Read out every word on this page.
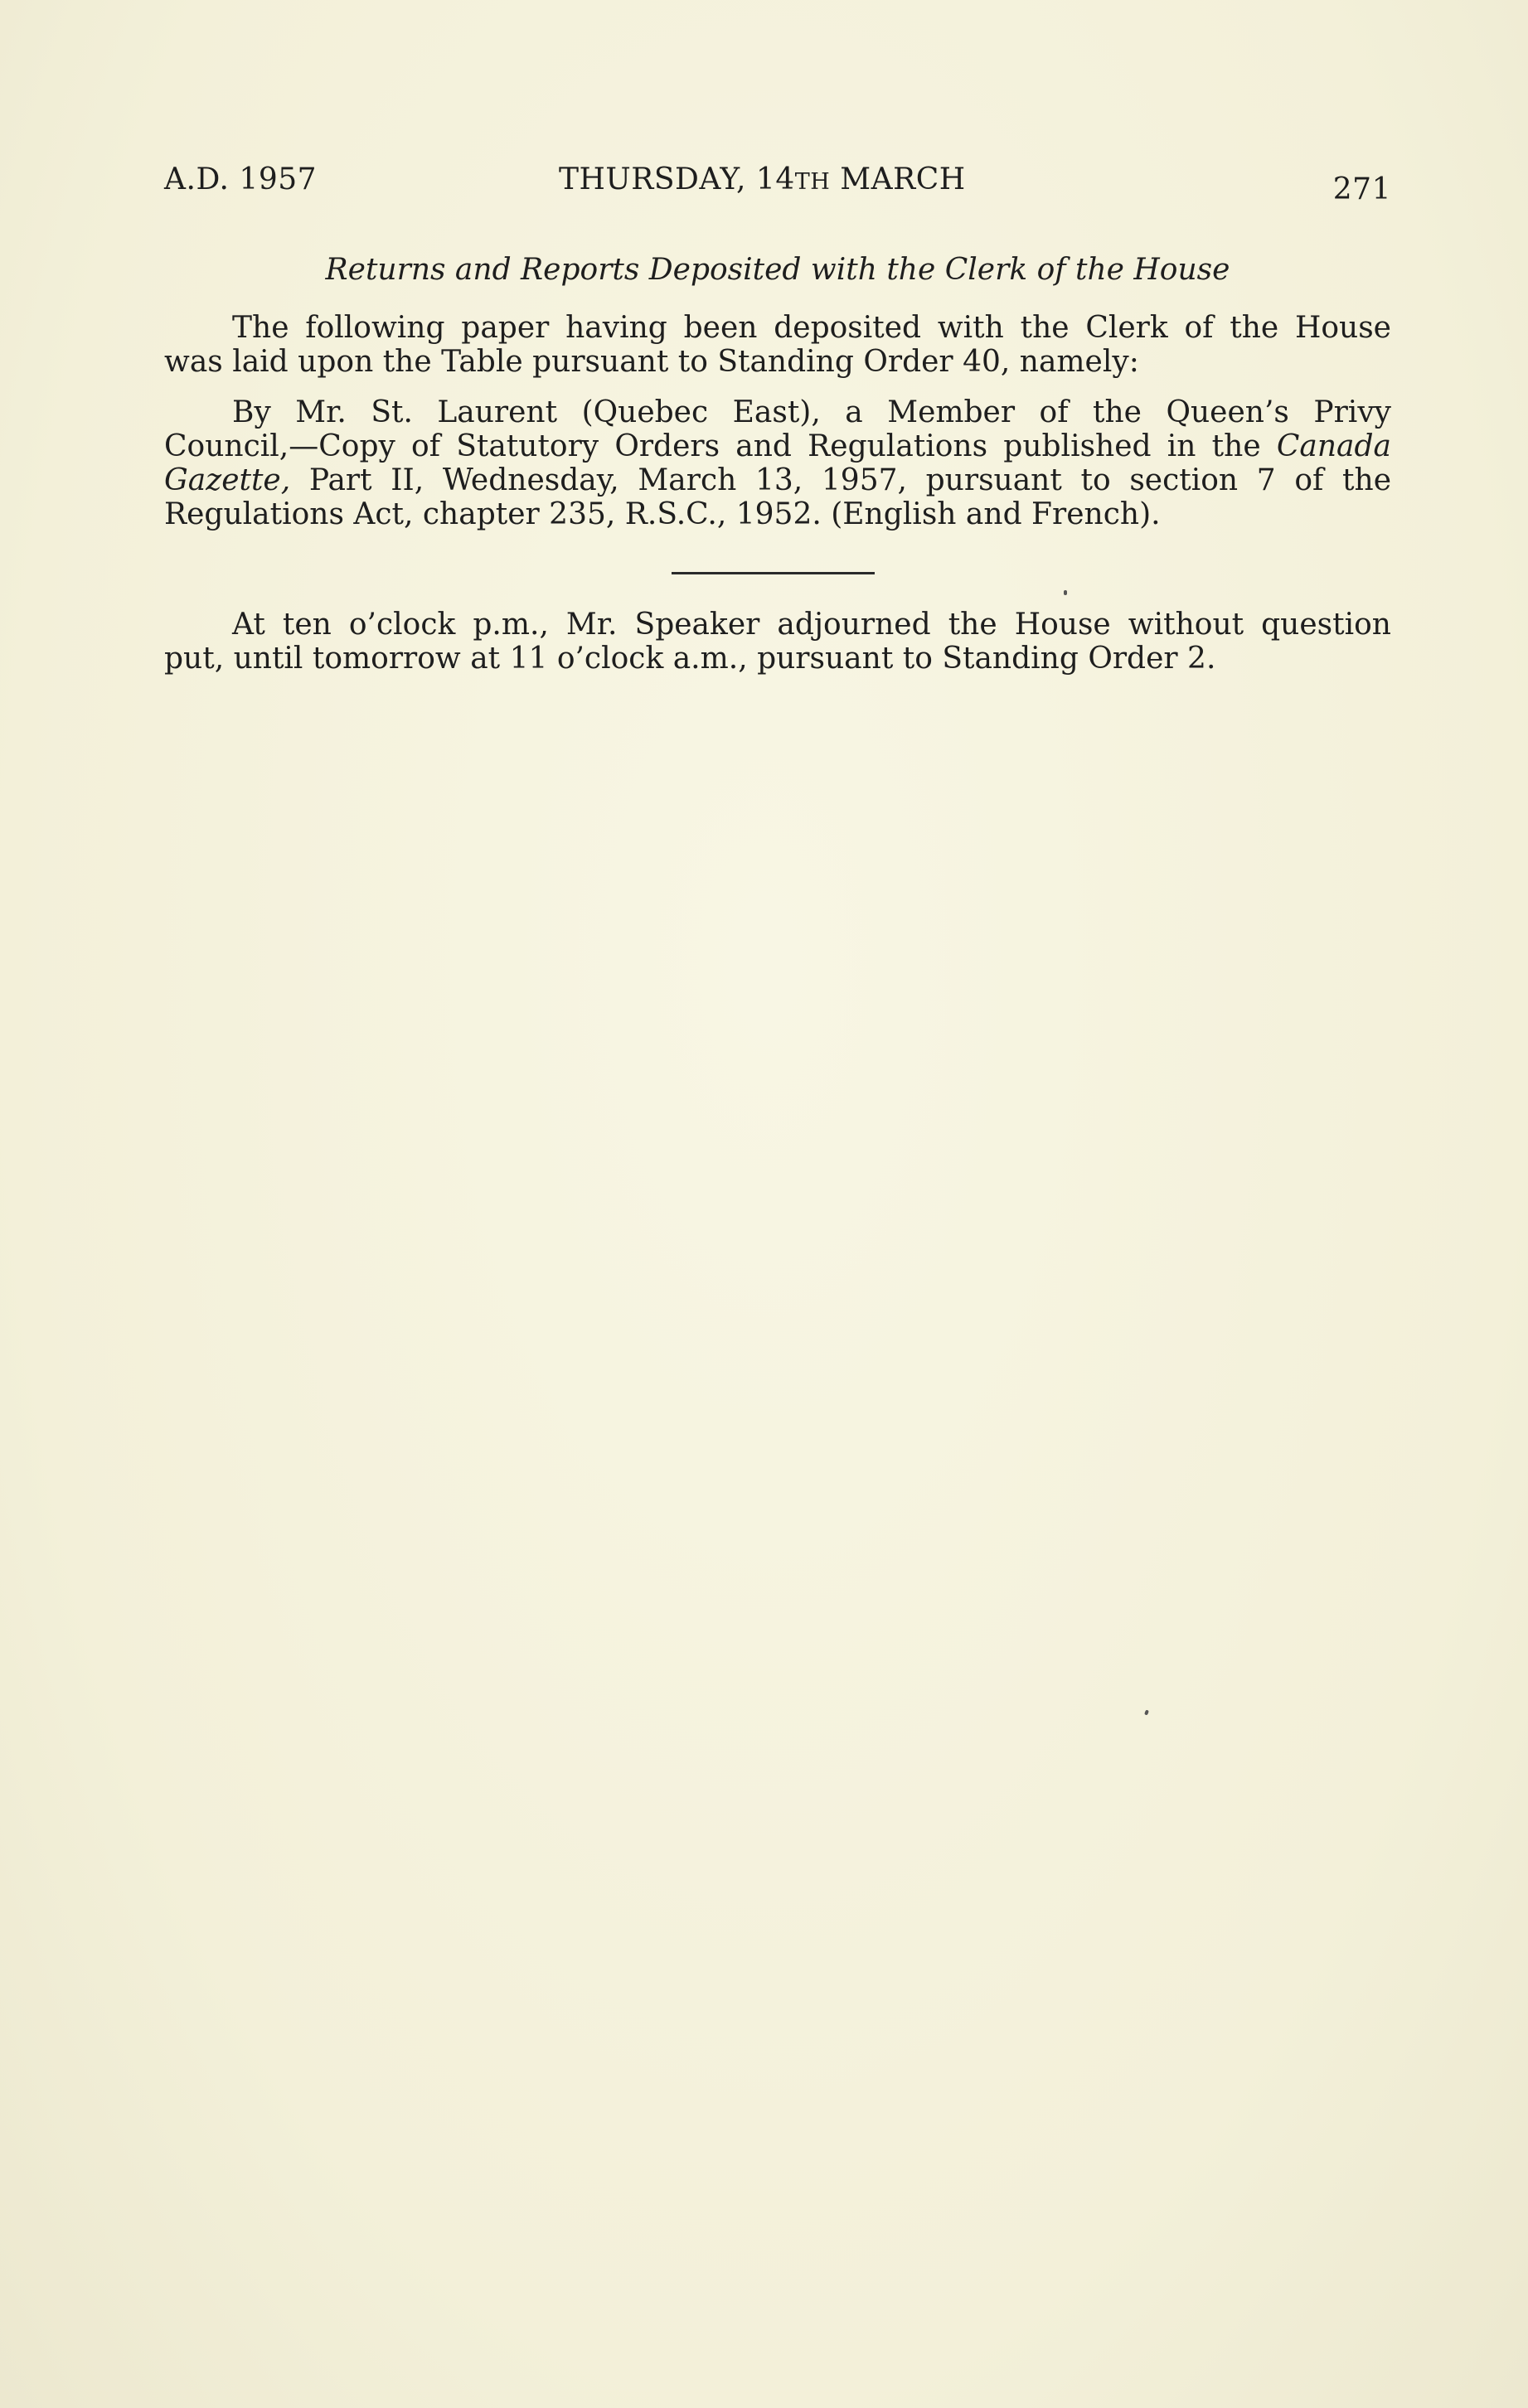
A.D. 1957	THURSDAY, 14TH MARCH	271
Returns and Reports Deposited with the Clerk of the House
The following paper having been deposited with the Clerk of the House
was laid upon the Table pursuant to Standing Order 40, namely:
By Mr. St. Laurent (Quebec East), a Member of the Queen’s Privy
Council,—Copy of Statutory Orders and Regulations published in the Canada
Gazette, Part II, Wednesday, March 13, 1957, pursuant to section 7 of the
Regulations Act, chapter 235, R.S.C., 1952. (English and French).
At ten o’clock p.m., Mr. Speaker adjourned the House without question
put, until tomorrow at 11 o’clock a.m., pursuant to Standing Order 2.
